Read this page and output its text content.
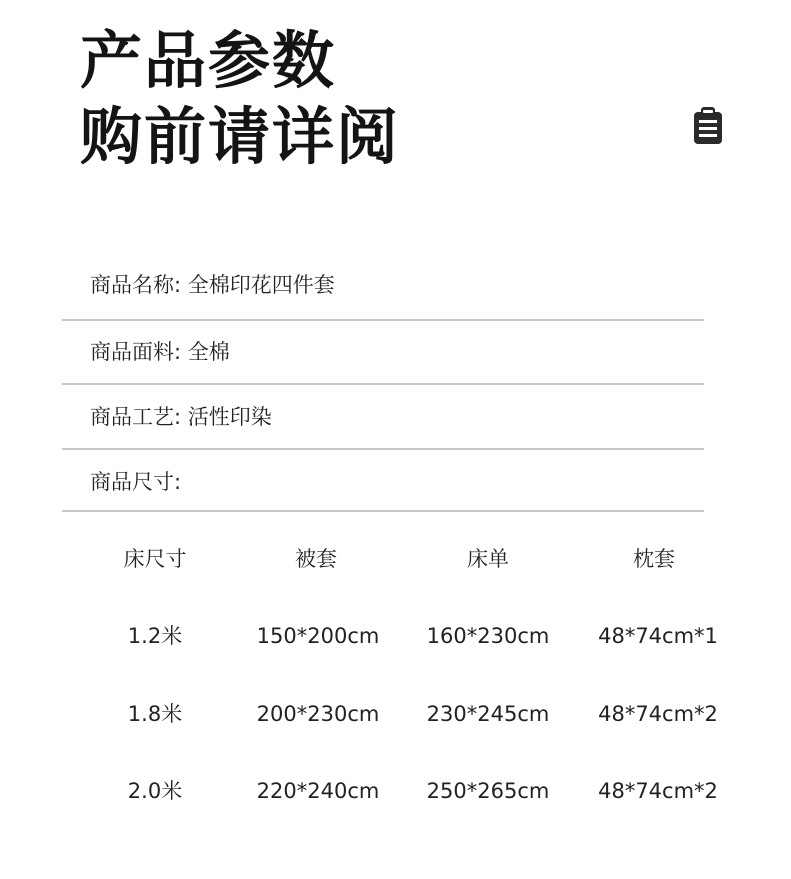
产品参数
购前请详阅
商品名称: 全棉印花四件套
商品面料: 全棉
商品工艺: 活性印染
商品尺寸:
床尺寸	被套	床单	枕套
1.2米	150*200cm	160*230cm	48*74cm*1
1.8米	200*230cm	230*245cm	48*74cm*2
2.0米	220*240cm	250*265cm	48*74cm*2
